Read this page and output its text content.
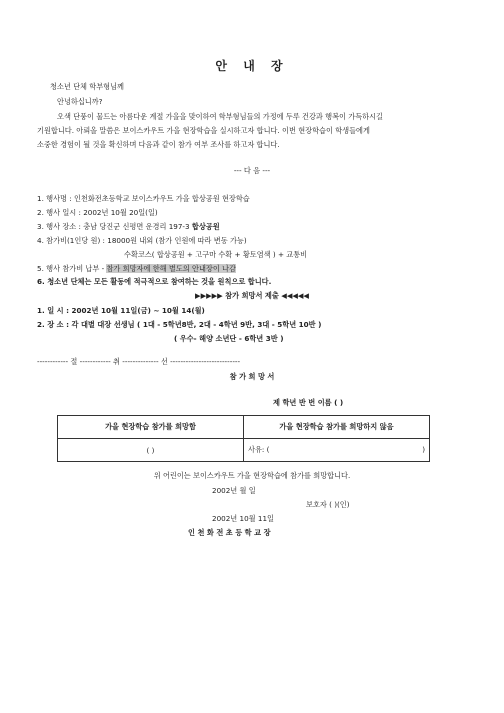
안 내 장
청소년 단체 학부형님께
안녕하십니까?
오색 단풍이 물드는 아름다운 계절 가을을 맞이하여 학부형님들의 가정에 두루 건강과 행복이 가득하시길
기원합니다. 아뢰올 말씀은 보이스카우트 가을 현장학습을 실시하고자 합니다. 이번 현장학습이 학생들에게
소중한 경험이 될 것을 확신하며 다음과 같이 참가 여부 조사를 하고자 합니다.
--- 다 음 ---
1. 행사명 : 인천화전초등학교 보이스카우트 가을 합상공원 현장학습
2. 행사 일시 : 2002년 10월 20일(일)
3. 행사 장소 : 충남 당진군 신평면 운경리 197-3 합상공원
4. 참가비(1인당 원) : 18000원 내외 (참가 인원에 따라 변동 가능)
수확코스( 합상공원 + 고구마 수확 + 황토염색 ) + 교통비
5. 행사 참가비 납부 - 참가 희망자에 한해 별도의 안내장이 나감
6. 청소년 단체는 모든 활동에 적극적으로 참여하는 것을 원칙으로 합니다.
▶▶▶▶▶ 참가 희망서 제출 ◀◀◀◀◀
1. 일 시 : 2002년 10월 11일(금) ~ 10월 14(월)
2. 장 소 : 각 대별 대장 선생님 ( 1대 - 5학년8반, 2대 - 4학년 9반, 3대 - 5학년 10반 )
( 우수- 해양 소년단 - 6학년 3반 )
------------ 절 ------------ 취 -------------- 선 ---------------------------
참 가 희 망 서
제 학년 반 번 이름 ( )
가을 현장학습 참가를 희망함	가을 현장학습 참가를 희망하지 않음
( )	사유: ( )
위 어린이는 보이스카우트 가을 현장학습에 참가를 희망합니다.
2002년 월 일
보호자 ( )(인)
2002년 10월 11일
인 천 화 전 초 등 학 교 장
